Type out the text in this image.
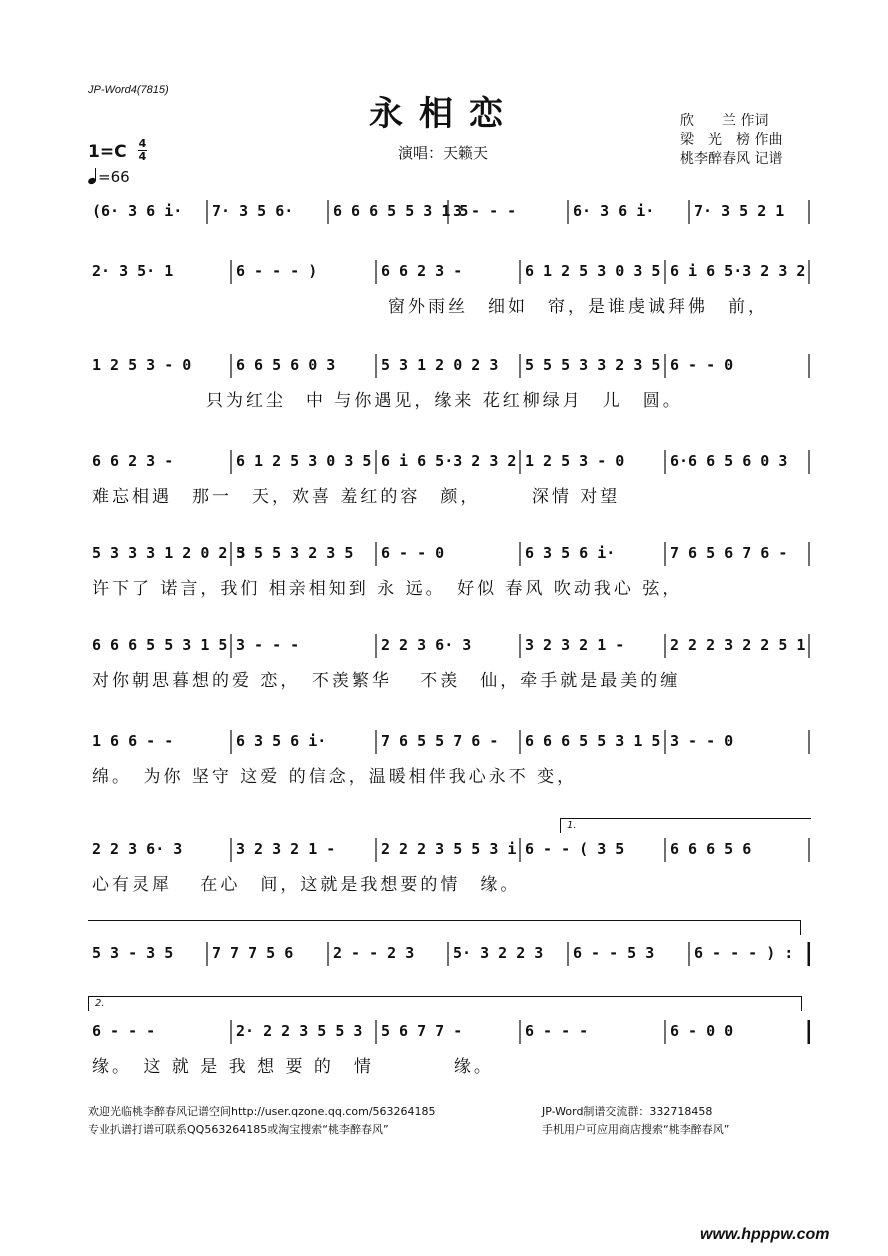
JP-Word4(7815)
永相恋
演唱：天籁天
欣　　兰 作词
梁　光　榜 作曲
桃李醉春风 记谱
1=C 4
4
=66
(6· 3 6 i· 7· 3 5 6·	6 6 6 5 5 3 1 5
3 - - -	6· 3 6 i·	7· 3 5 2 1
2· 3 5· 1	6 - - - )	6 6 2 3 -	6 1 2 5 3 0 3 5 6 i 6 5·3 2 3 2
窗外雨丝　细如　帘，是谁虔诚拜佛　前，
1 2 5 3 - 0	6 6 5 6 0 3	5 3 1 2 0 2 3 5 5 5 3 3 2 3 5 6 - - 0
只为红尘　中 与你遇见，缘来 花红柳绿月　儿　圆。
6 6 2 3 -	6 1 2 5 3 0 3 5 6 i 6 5·3 2 3 2 1 2 5 3 - 0	6·6 6 5 6 0 3
难忘相遇　那一　天，欢喜 羞红的容　颜，　　　深情 对望
5 3 3 3 1 2 0 2 3
5 5 5 3 2 3 5 6 - - 0	6 3 5 6 i·	7 6 5 6 7 6 -
许下了 诺言，我们 相亲相知到 永 远。　好似 春风 吹动我心 弦，
6 6 6 5 5 3 1 5 3 - - -	2 2 3 6· 3	3 2 3 2 1 -	2 2 2 3 2 2 5 1
对你朝思暮想的爱 恋，　不羡繁华　 不羡　仙，牵手就是最美的缠
1 6 6 - -	6 3 5 6 i·	7 6 5 5 7 6 - 6 6 6 5 5 3 1 5 3 - - 0
绵。　为你 坚守 这爱 的信念，温暖相伴我心永不 变，
2 2 3 6· 3	3 2 3 2 1 -	2 2 2 3 5 5 3 i 6 - - ( 3 5	6 6 6 5 6
心有灵犀　 在心　间，这就是我想要的情　缘。
5 3 - 3 5	7 7 7 5 6	2 - - 2 3	5· 3 2 2 3 6 - - 5 3	6 - - - ) :
6 - - -	2· 2 2 3 5 5 3 5 6 7 7 -	6 - - -	6 - 0 0
缘。　这 就 是 我 想 要 的　情　　　　缘。
1.
2.
欢迎光临桃李醉春风记谱空间http://user.qzone.qq.com/563264185	JP-Word制谱交流群：332718458
专业扒谱打谱可联系QQ563264185或淘宝搜索“桃李醉春风”	手机用户可应用商店搜索“桃李醉春风”
www.hpppw.com
